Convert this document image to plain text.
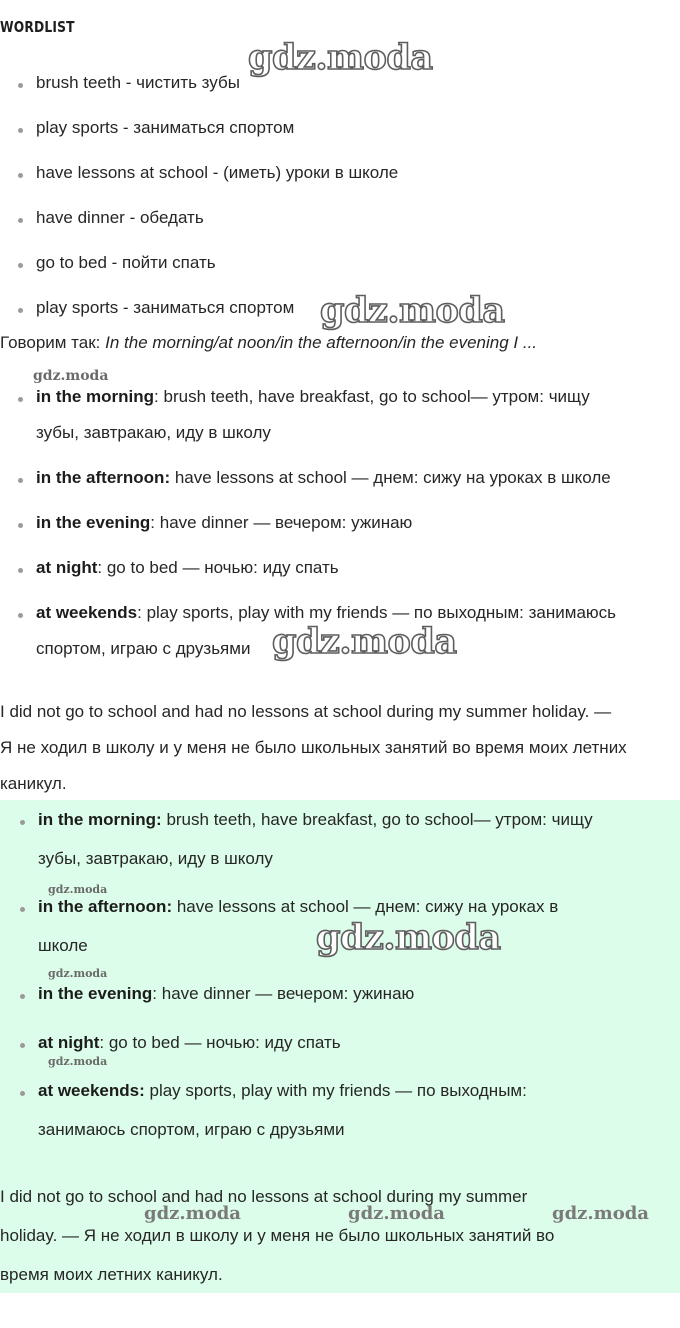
WORDLIST
brush teeth - чистить зубы
play sports - заниматься спортом
have lessons at school - (иметь) уроки в школе
have dinner - обедать
go to bed - пойти спать
play sports - заниматься спортом
Говорим так: In the morning/at noon/in the afternoon/in the evening I ...
in the morning: brush teeth, have breakfast, go to school— утром: чищу
зубы, завтракаю, иду в школу
in the afternoon: have lessons at school — днем: сижу на уроках в школе
in the evening: have dinner — вечером: ужинаю
at night: go to bed — ночью: иду спать
at weekends: play sports, play with my friends — по выходным: занимаюсь
спортом, играю с друзьями
I did not go to school and had no lessons at school during my summer holiday. —
Я не ходил в школу и у меня не было школьных занятий во время моих летних
каникул.
in the morning: brush teeth, have breakfast, go to school— утром: чищу
зубы, завтракаю, иду в школу
in the afternoon: have lessons at school — днем: сижу на уроках в
школе
in the evening: have dinner — вечером: ужинаю
at night: go to bed — ночью: иду спать
at weekends: play sports, play with my friends — по выходным:
занимаюсь спортом, играю с друзьями
I did not go to school and had no lessons at school during my summer
holiday. — Я не ходил в школу и у меня не было школьных занятий во
время моих летних каникул.
gdz.moda
gdz.moda
gdz.moda
gdz.moda
gdz.moda
gdz.moda
gdz.moda
gdz.moda
gdz.moda	gdz.moda	gdz.moda
